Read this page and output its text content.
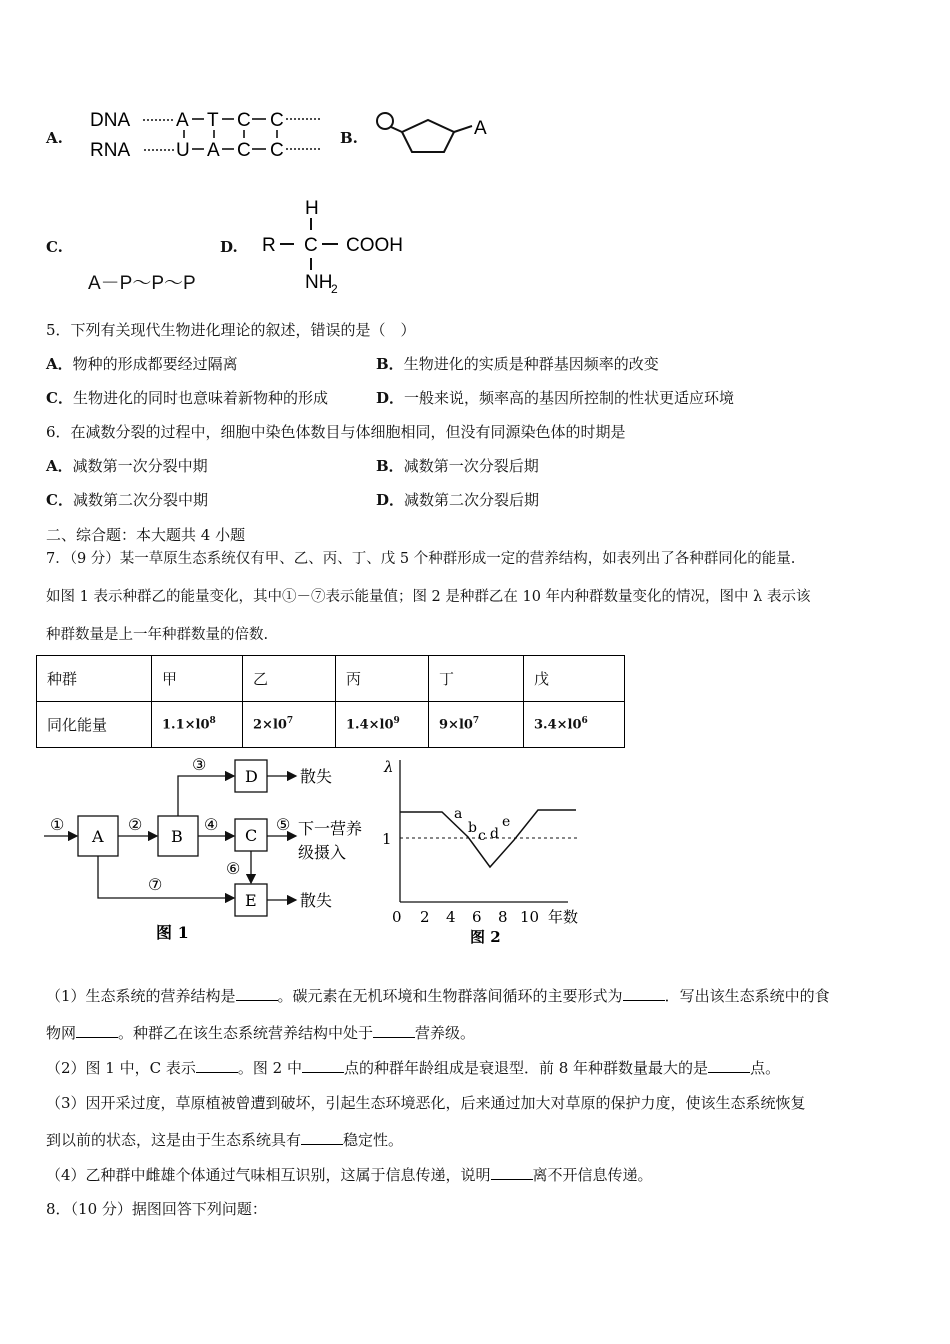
A.
DNA
RNA
A T C C
U A C C
B.	A
C.
A－P～P～P
D.
H
R C COOH
NH
2
5．下列有关现代生物进化理论的叙述，错误的是（　）
A．物种的形成都要经过隔离	B．生物进化的实质是种群基因频率的改变
C．生物进化的同时也意味着新物种的形成	D．一般来说，频率高的基因所控制的性状更适应环境
6．在减数分裂的过程中，细胞中染色体数目与体细胞相同，但没有同源染色体的时期是
A．减数第一次分裂中期	B．减数第一次分裂后期
C．减数第二次分裂中期	D．减数第二次分裂后期
二、综合题：本大题共 4 小题
7．（9 分）某一草原生态系统仅有甲、乙、丙、丁、戊 5 个种群形成一定的营养结构，如表列出了各种群同化的能量.
如图 1 表示种群乙的能量变化，其中①－⑦表示能量值；图 2 是种群乙在 10 年内种群数量变化的情况，图中 λ 表示该
种群数量是上一年种群数量的倍数.
种群	甲	乙	丙	丁	戊
同化能量	$1.1\times l0^8$	$2\times l0^7$	$1.4\times l0^9$	$9\times l0^7$	$3.4\times l0^6$
A	B
D
C
E
①	②
③
④	⑤
⑥
⑦
散失
下一营养
级摄入
散失
图 1
λ
1
a
b c d
e
0 2 4 6 8 10 年数
图 2
（1）生态系统的营养结构是	。碳元素在无机环境和生物群落间循环的主要形式为	．写出该生态系统中的食
物网	。种群乙在该生态系统营养结构中处于	营养级。
（2）图 1 中，C 表示	。图 2 中	点的种群年龄组成是衰退型．前 8 年种群数量最大的是	点。
（3）因开采过度，草原植被曾遭到破坏，引起生态环境恶化，后来通过加大对草原的保护力度，使该生态系统恢复
到以前的状态，这是由于生态系统具有	稳定性。
（4）乙种群中雌雄个体通过气味相互识别，这属于信息传递，说明	离不开信息传递。
8．（10 分）据图回答下列问题：
